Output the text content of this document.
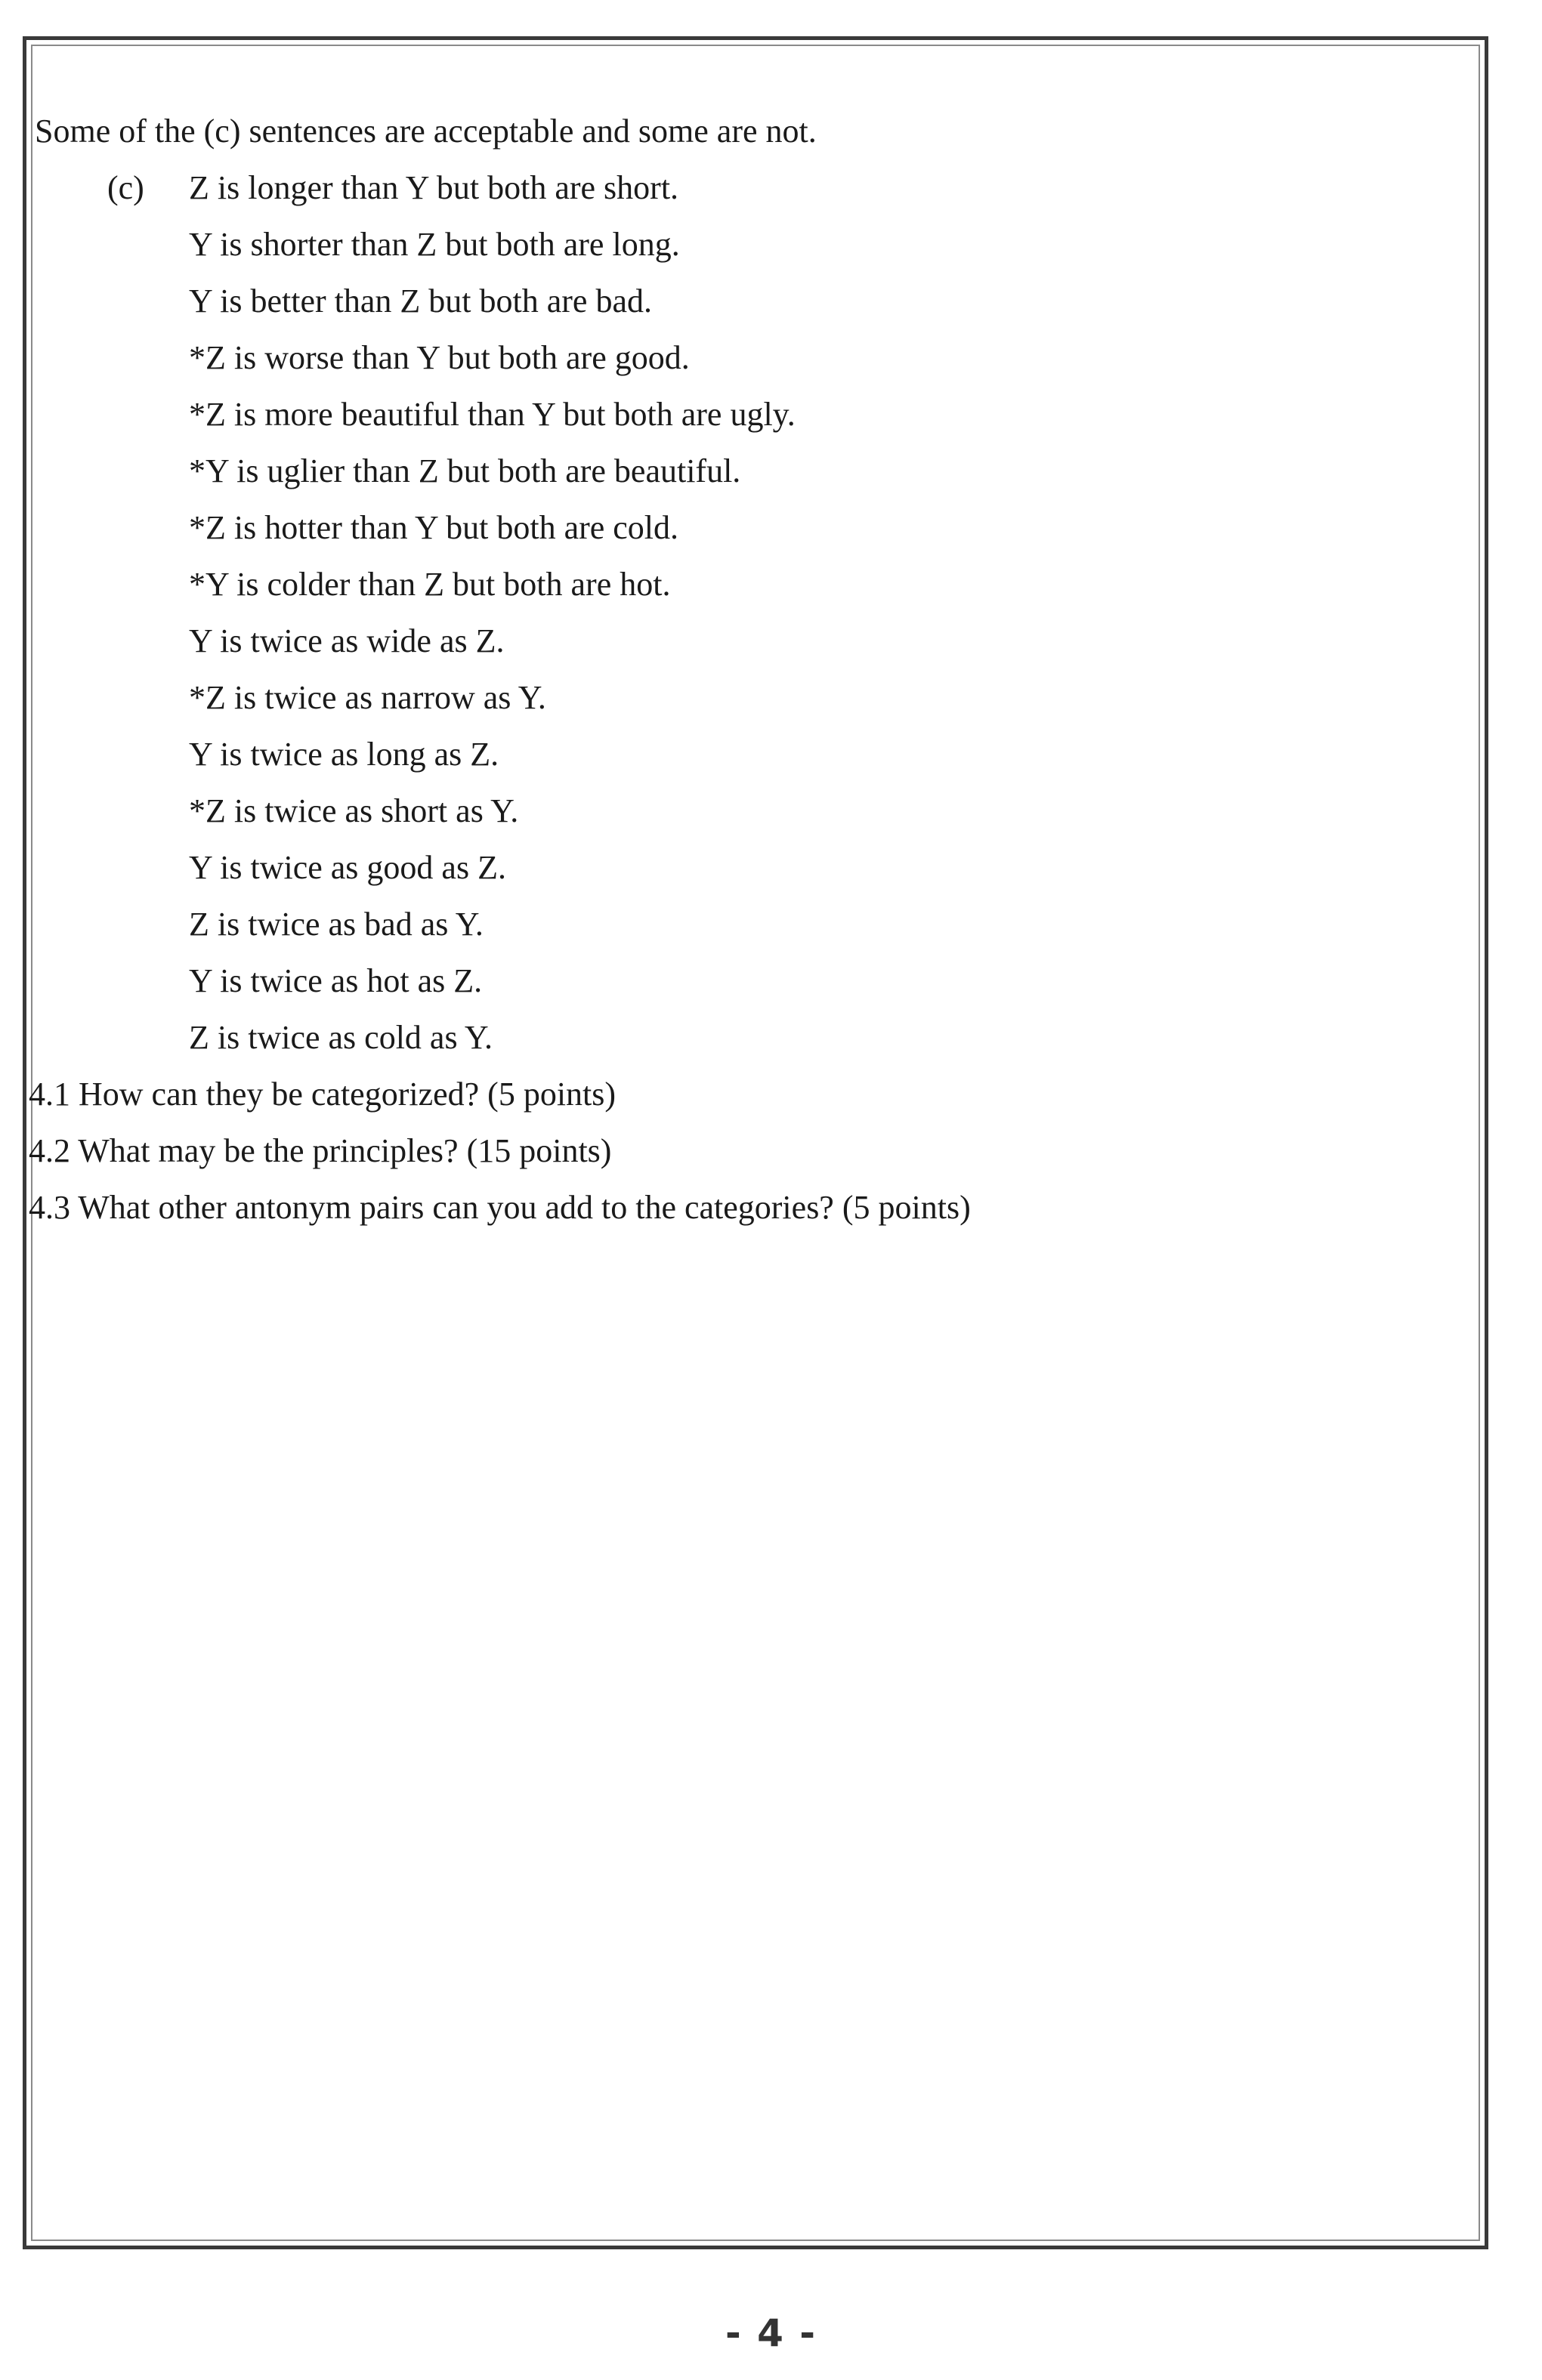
Some of the (c) sentences are acceptable and some are not.
(c) Z is longer than Y but both are short.
Y is shorter than Z but both are long.
Y is better than Z but both are bad.
*Z is worse than Y but both are good.
*Z is more beautiful than Y but both are ugly.
*Y is uglier than Z but both are beautiful.
*Z is hotter than Y but both are cold.
*Y is colder than Z but both are hot.
Y is twice as wide as Z.
*Z is twice as narrow as Y.
Y is twice as long as Z.
*Z is twice as short as Y.
Y is twice as good as Z.
Z is twice as bad as Y.
Y is twice as hot as Z.
Z is twice as cold as Y.
4.1 How can they be categorized? (5 points)
4.2 What may be the principles? (15 points)
4.3 What other antonym pairs can you add to the categories? (5 points)
- 4 -
